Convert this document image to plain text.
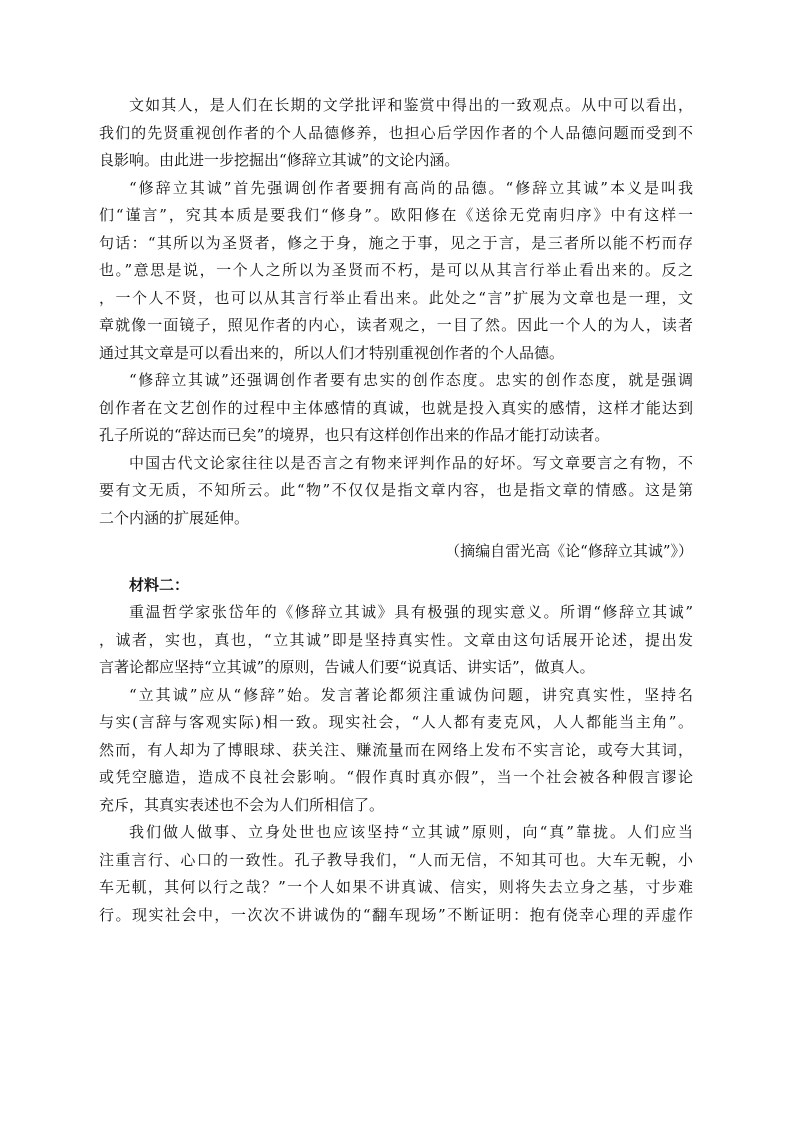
文如其人，是人们在长期的文学批评和鉴赏中得出的一致观点。从中可以看出，
我们的先贤重视创作者的个人品德修养，也担心后学因作者的个人品德问题而受到不
良影响。由此进一步挖掘出“修辞立其诚”的文论内涵。
“修辞立其诚”首先强调创作者要拥有高尚的品德。“修辞立其诚”本义是叫我
们“谨言”，究其本质是要我们“修身”。欧阳修在《送徐无党南归序》中有这样一
句话：“其所以为圣贤者，修之于身，施之于事，见之于言，是三者所以能不朽而存
也。”意思是说，一个人之所以为圣贤而不朽，是可以从其言行举止看出来的。反之
，一个人不贤，也可以从其言行举止看出来。此处之“言”扩展为文章也是一理，文
章就像一面镜子，照见作者的内心，读者观之，一目了然。因此一个人的为人，读者
通过其文章是可以看出来的，所以人们才特别重视创作者的个人品德。
“修辞立其诚”还强调创作者要有忠实的创作态度。忠实的创作态度，就是强调
创作者在文艺创作的过程中主体感情的真诚，也就是投入真实的感情，这样才能达到
孔子所说的“辞达而已矣”的境界，也只有这样创作出来的作品才能打动读者。
中国古代文论家往往以是否言之有物来评判作品的好坏。写文章要言之有物，不
要有文无质，不知所云。此“物”不仅仅是指文章内容，也是指文章的情感。这是第
二个内涵的扩展延伸。
（摘编自雷光高《论“修辞立其诚”》）
材料二：
重温哲学家张岱年的《修辞立其诚》具有极强的现实意义。所谓“修辞立其诚”
，诚者，实也，真也，“立其诚”即是坚持真实性。文章由这句话展开论述，提出发
言著论都应坚持“立其诚”的原则，告诫人们要“说真话、讲实话”，做真人。
“立其诚”应从“修辞”始。发言著论都须注重诚伪问题，讲究真实性，坚持名
与实(言辞与客观实际)相一致。现实社会，“人人都有麦克风，人人都能当主角”。
然而，有人却为了博眼球、获关注、赚流量而在网络上发布不实言论，或夸大其词，
或凭空臆造，造成不良社会影响。“假作真时真亦假”，当一个社会被各种假言谬论
充斥，其真实表述也不会为人们所相信了。
我们做人做事、立身处世也应该坚持“立其诚”原则，向“真”靠拢。人们应当
注重言行、心口的一致性。孔子教导我们，“人而无信，不知其可也。大车无輗，小
车无軏，其何以行之哉？”一个人如果不讲真诚、信实，则将失去立身之基，寸步难
行。现实社会中，一次次不讲诚伪的“翻车现场”不断证明：抱有侥幸心理的弄虚作
